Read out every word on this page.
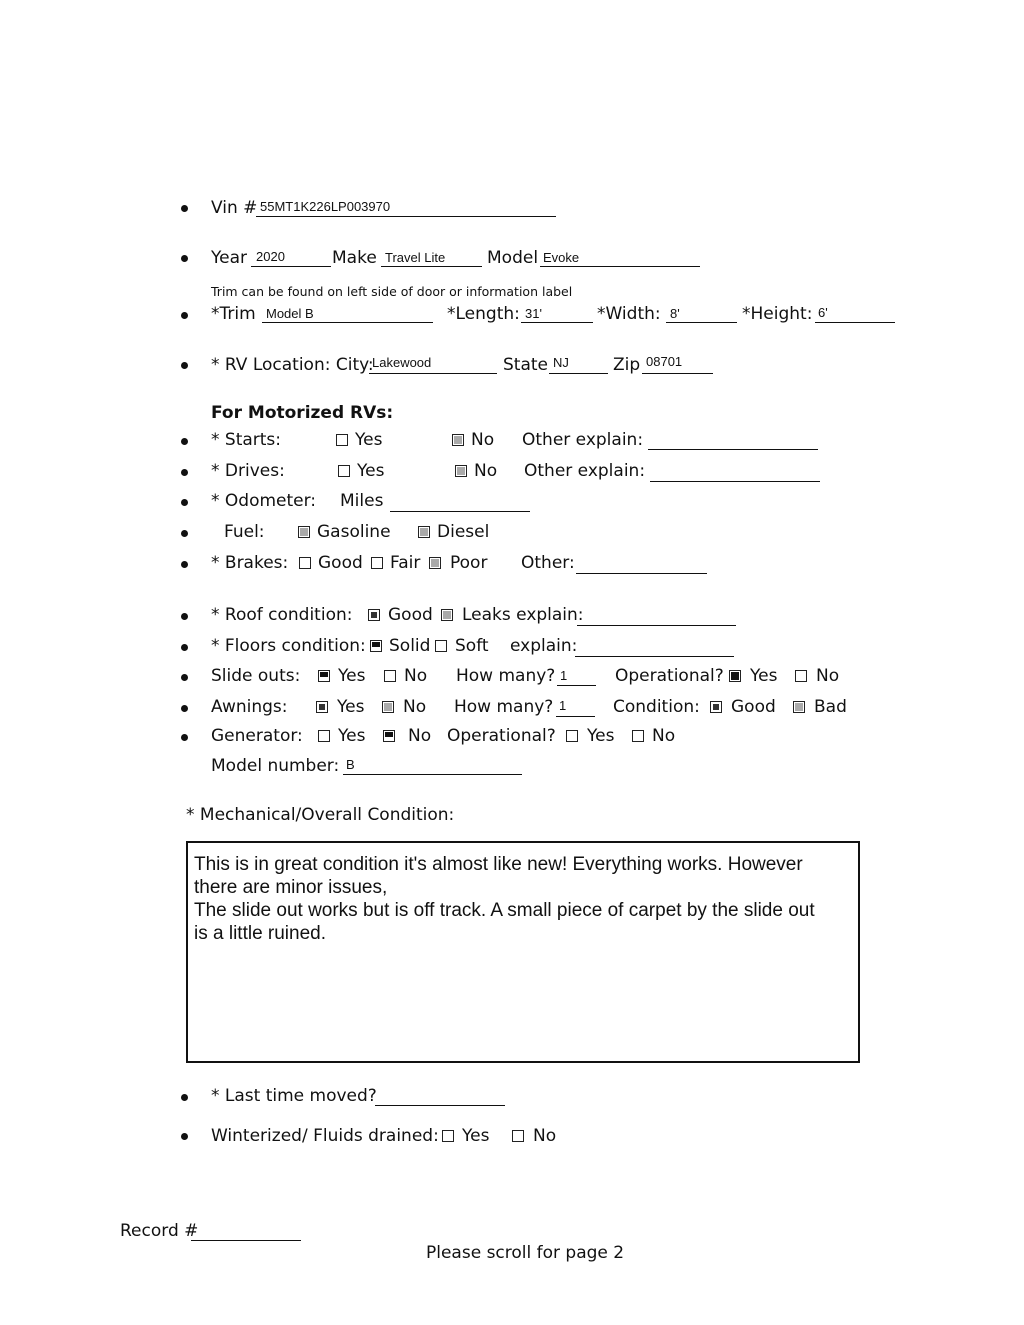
Vin # 55MT1K226LP003970
Year 2020	Make Travel Lite Model Evoke
Trim can be found on left side of door or information label
*Trim Model B	*Length: 31'	*Width: 8'	*Height: 6'
* RV Location: City:
Lakewood	State NJ	Zip 08701
For Motorized RVs:
* Starts:	Yes	No Other explain:
* Drives:	Yes	No Other explain:
* Odometer: Miles
Fuel:	Gasoline	Diesel
* Brakes: Good Fair Poor Other:
* Roof condition: Good Leaks explain:
* Floors condition: Solid Soft explain:
Slide outs: Yes No How many? 1	Operational? Yes No
Awnings:	Yes No How many? 1	Condition: Good Bad
Generator: Yes	No Operational? Yes No
Model number: B
* Mechanical/Overall Condition:
This is in great condition it's almost like new! Everything works. However
there are minor issues,
The slide out works but is off track. A small piece of carpet by the slide out
is a little ruined.
* Last time moved?
Winterized/ Fluids drained: Yes	No
Record #
Please scroll for page 2
